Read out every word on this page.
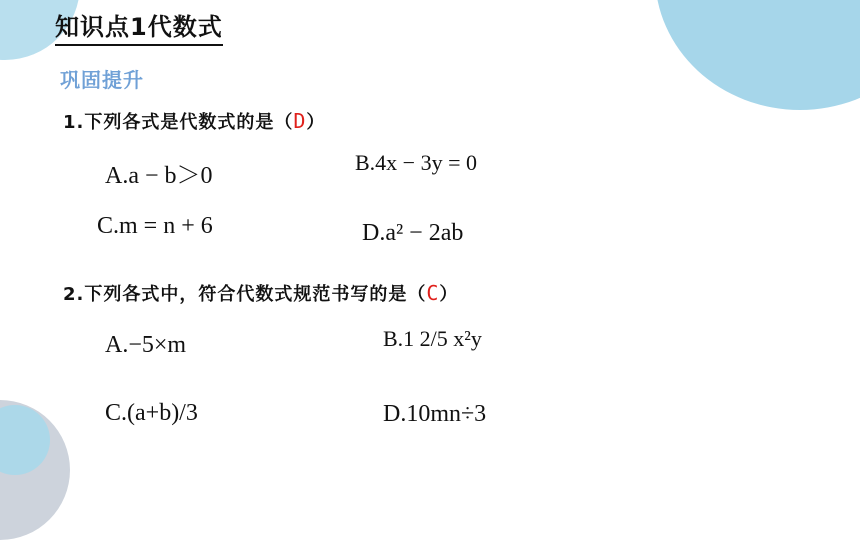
知识点1代数式
巩固提升
1.下列各式是代数式的是（D）
A.a − b＞0
B.4x − 3y = 0
C.m = n + 6	D.a² − 2ab
2.下列各式中，符合代数式规范书写的是（C）
A.−5×m	B.1 2/5 x²y
C.(a+b)/3	D.10mn÷3
